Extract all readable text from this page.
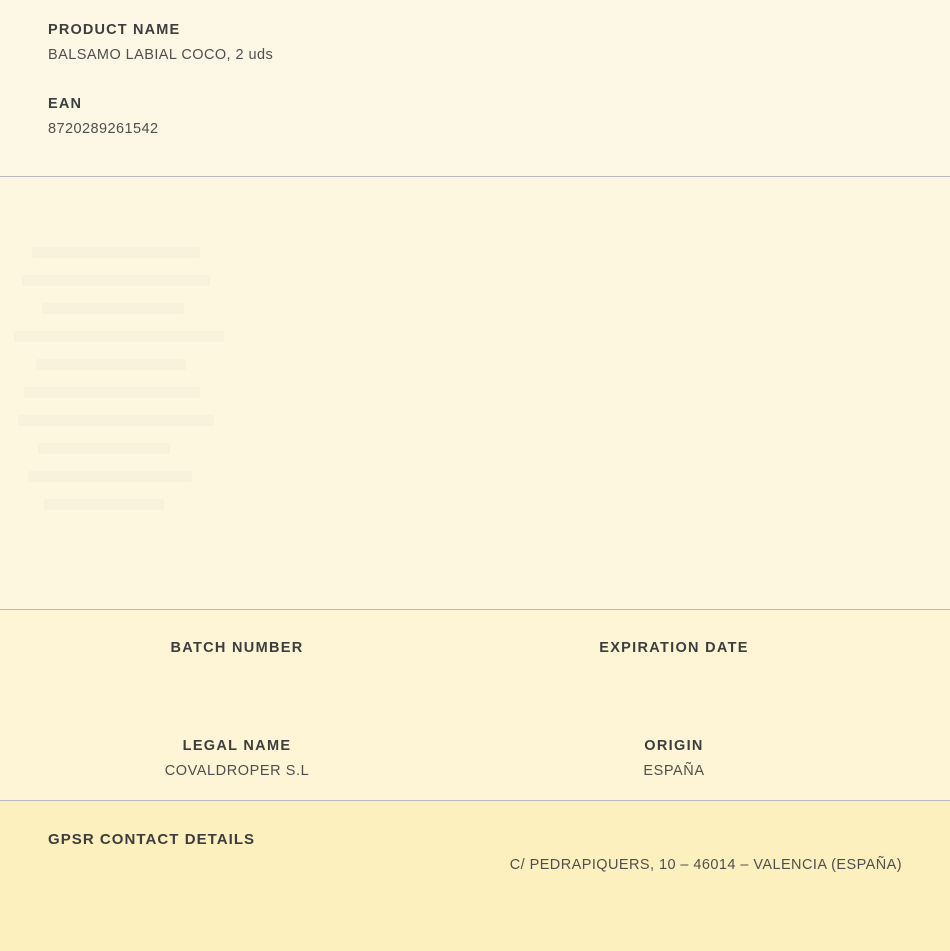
PRODUCT NAME

BALSAMO LABIAL COCO, 2 uds

EAN

8720289261542

BATCH NUMBER	EXPIRATION DATE

LEGAL NAME

COVALDROPER S.L

ORIGIN

ESPAÑA

GPSR CONTACT DETAILS

C/ PEDRAPIQUERS, 10 – 46014 – VALENCIA (ESPAÑA)
